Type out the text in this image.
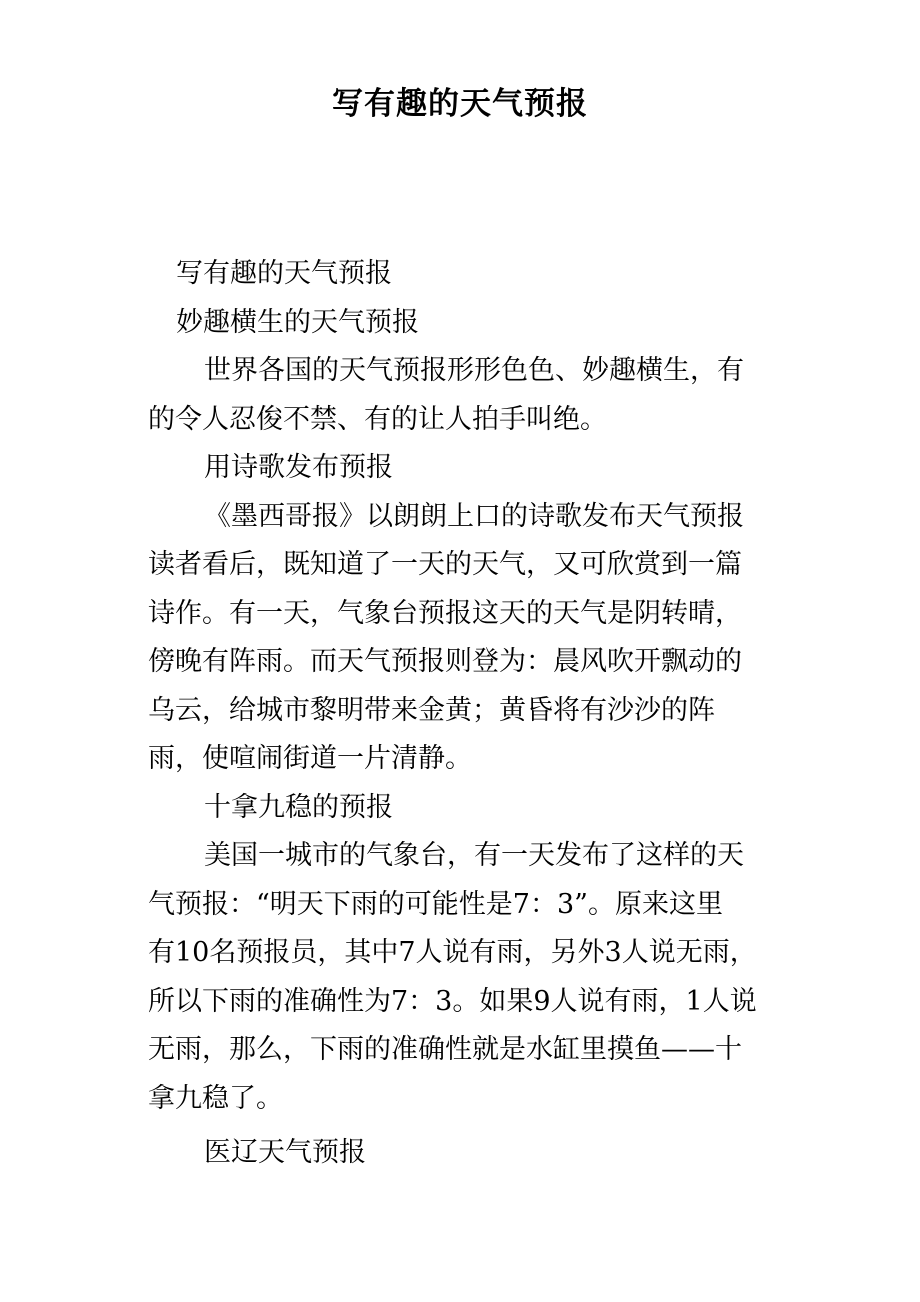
写有趣的天气预报

写有趣的天气预报

妙趣横生的天气预报

世界各国的天气预报形形色色、妙趣横生，有

的令人忍俊不禁、有的让人拍手叫绝。

用诗歌发布预报

《墨西哥报》以朗朗上口的诗歌发布天气预报

读者看后，既知道了一天的天气，又可欣赏到一篇

诗作。有一天，气象台预报这天的天气是阴转晴，

傍晚有阵雨。而天气预报则登为：晨风吹开飘动的

乌云，给城市黎明带来金黄；黄昏将有沙沙的阵

雨，使喧闹街道一片清静。

十拿九稳的预报

美国一城市的气象台，有一天发布了这样的天

气预报：“明天下雨的可能性是7：3”。原来这里

有10名预报员，其中7人说有雨，另外3人说无雨，

所以下雨的准确性为7：3。如果9人说有雨，1人说

无雨，那么，下雨的准确性就是水缸里摸鱼——十

拿九稳了。

医辽天气预报
